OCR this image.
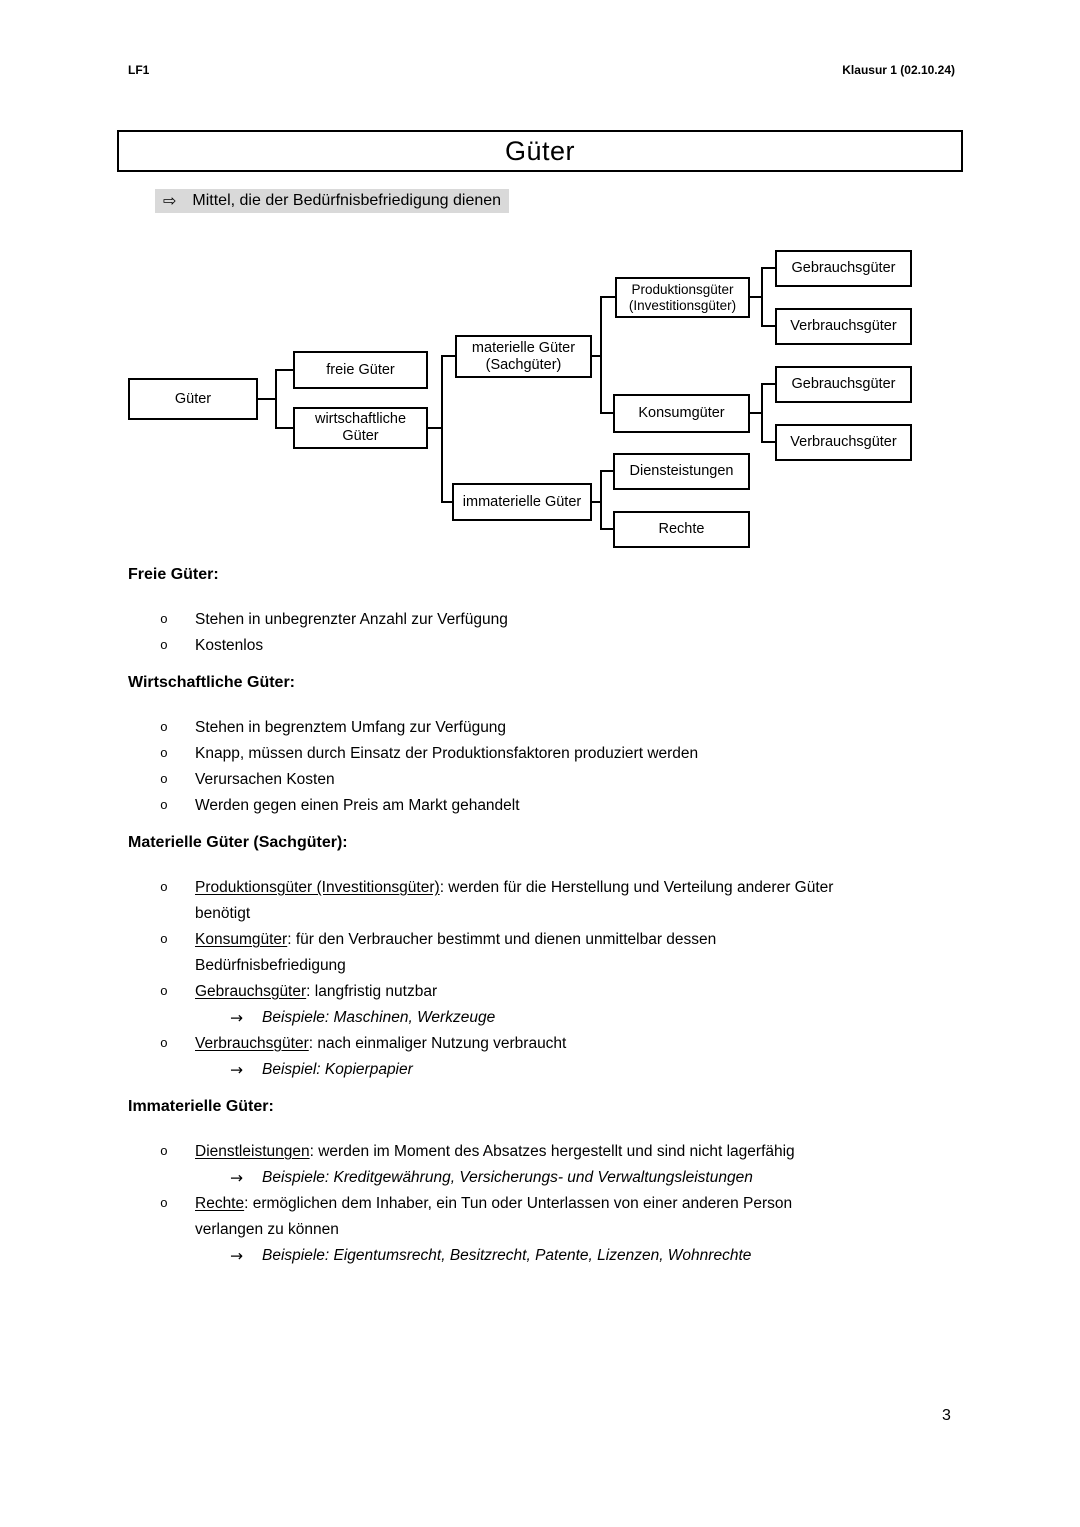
LF1	Klausur 1 (02.10.24)
Güter
⇨ Mittel, die der Bedürfnisbefriedigung dienen
Güter
freie Güter
wirtschaftliche Güter
materielle Güter (Sachgüter)
immaterielle Güter
Produktionsgüter (Investitionsgüter)
Konsumgüter
Diensteistungen
Rechte
Gebrauchsgüter
Verbrauchsgüter
Gebrauchsgüter
Verbrauchsgüter
Freie Güter:
o	Stehen in unbegrenzter Anzahl zur Verfügung
o	Kostenlos
Wirtschaftliche Güter:
o	Stehen in begrenztem Umfang zur Verfügung
o	Knapp, müssen durch Einsatz der Produktionsfaktoren produziert werden
o	Verursachen Kosten
o	Werden gegen einen Preis am Markt gehandelt
Materielle Güter (Sachgüter):
o	Produktionsgüter (Investitionsgüter): werden für die Herstellung und Verteilung anderer Güter benötigt
o	Konsumgüter: für den Verbraucher bestimmt und dienen unmittelbar dessen Bedürfnisbefriedigung
o	Gebrauchsgüter: langfristig nutzbar
→	Beispiele: Maschinen, Werkzeuge
o	Verbrauchsgüter: nach einmaliger Nutzung verbraucht
→	Beispiel: Kopierpapier
Immaterielle Güter:
o	Dienstleistungen: werden im Moment des Absatzes hergestellt und sind nicht lagerfähig
→	Beispiele: Kreditgewährung, Versicherungs- und Verwaltungsleistungen
o	Rechte: ermöglichen dem Inhaber, ein Tun oder Unterlassen von einer anderen Person verlangen zu können
→	Beispiele: Eigentumsrecht, Besitzrecht, Patente, Lizenzen, Wohnrechte
3
